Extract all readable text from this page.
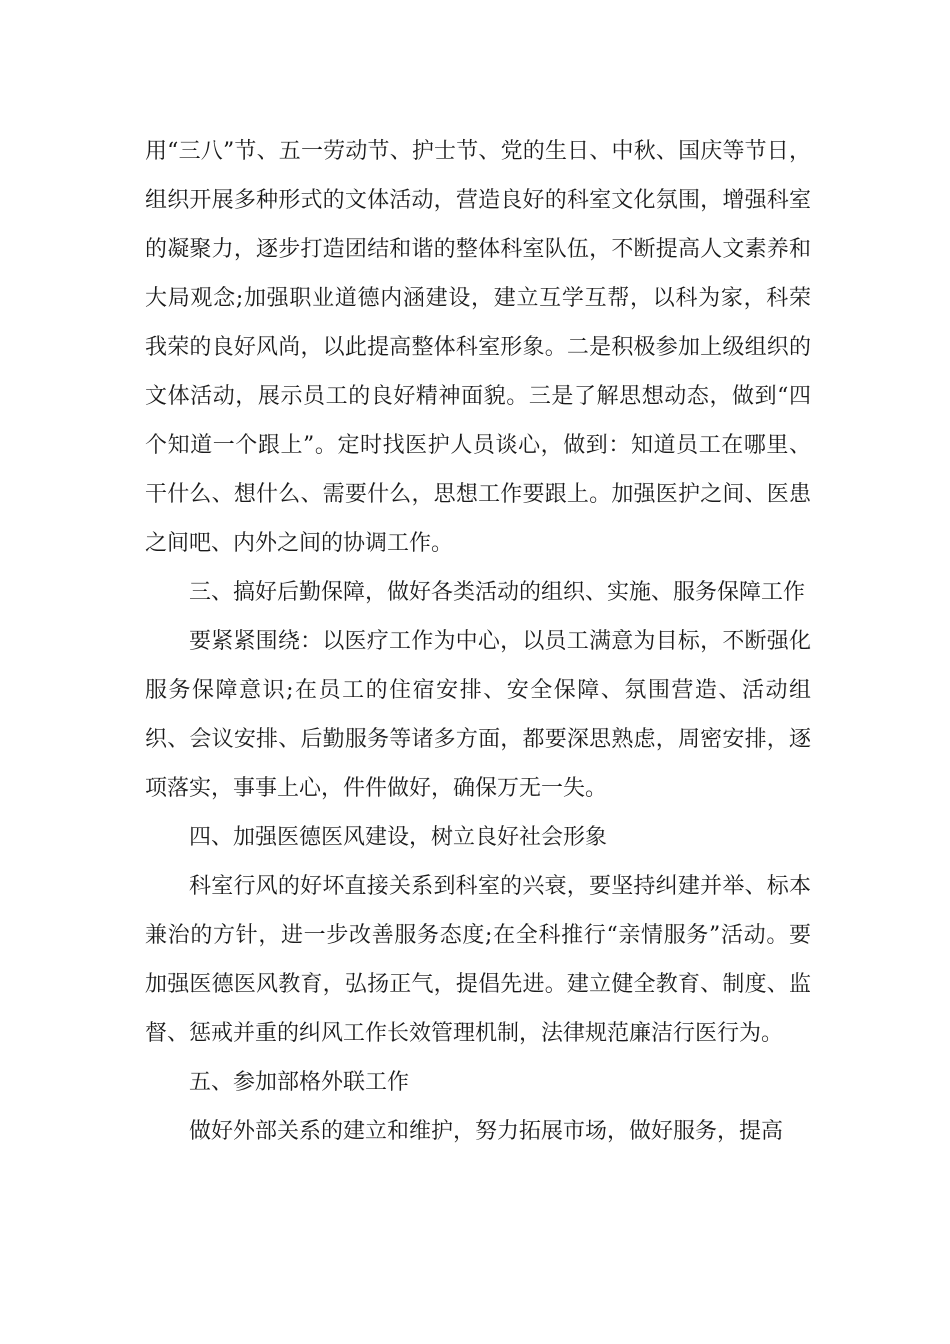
用“三八”节、五一劳动节、护士节、党的生日、中秋、国庆等节日，组织开展多种形式的文体活动，营造良好的科室文化氛围，增强科室的凝聚力，逐步打造团结和谐的整体科室队伍，不断提高人文素养和大局观念;加强职业道德内涵建设，建立互学互帮，以科为家，科荣我荣的良好风尚，以此提高整体科室形象。二是积极参加上级组织的文体活动，展示员工的良好精神面貌。三是了解思想动态，做到“四个知道一个跟上”。定时找医护人员谈心，做到：知道员工在哪里、干什么、想什么、需要什么，思想工作要跟上。加强医护之间、医患之间吧、内外之间的协调工作。

三、搞好后勤保障，做好各类活动的组织、实施、服务保障工作

要紧紧围绕：以医疗工作为中心，以员工满意为目标，不断强化服务保障意识;在员工的住宿安排、安全保障、氛围营造、活动组织、会议安排、后勤服务等诸多方面，都要深思熟虑，周密安排，逐项落实，事事上心，件件做好，确保万无一失。

四、加强医德医风建设，树立良好社会形象

科室行风的好坏直接关系到科室的兴衰，要坚持纠建并举、标本兼治的方针，进一步改善服务态度;在全科推行“亲情服务”活动。要加强医德医风教育，弘扬正气，提倡先进。建立健全教育、制度、监督、惩戒并重的纠风工作长效管理机制，法律规范廉洁行医行为。

五、参加部格外联工作

做好外部关系的建立和维护，努力拓展市场，做好服务，提高
